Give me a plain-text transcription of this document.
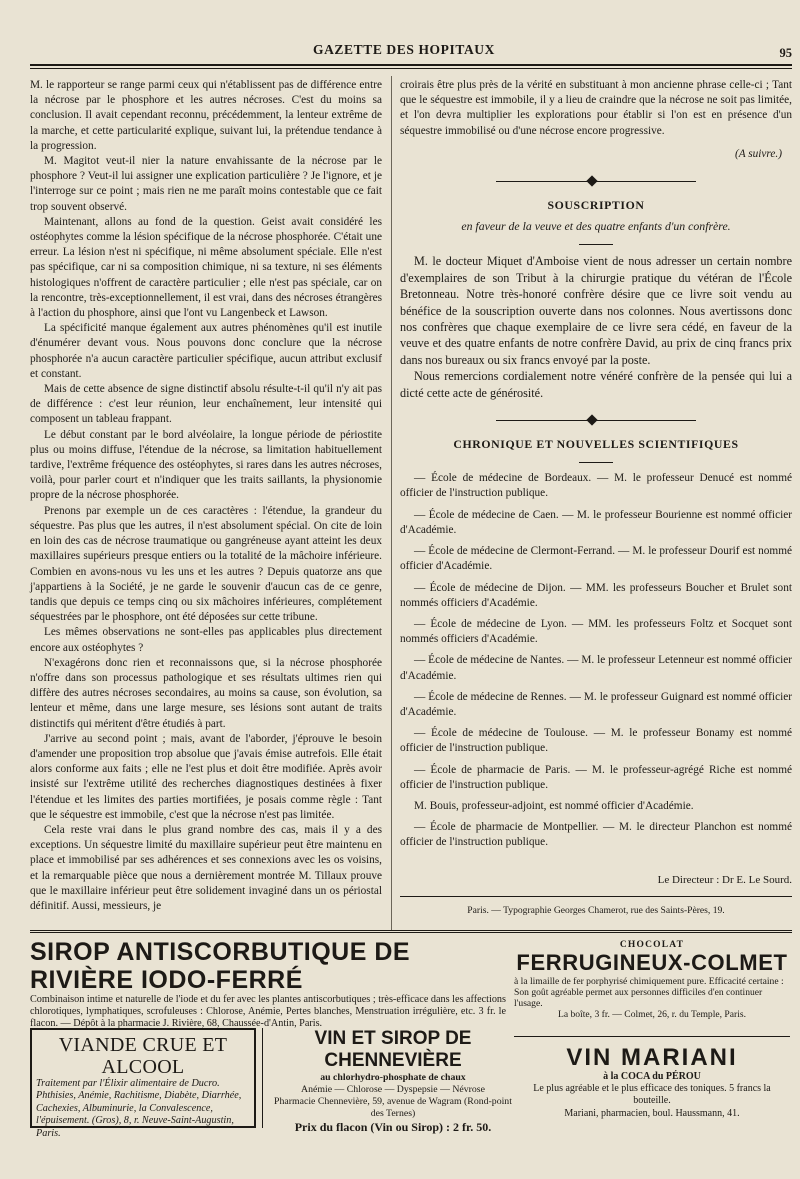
GAZETTE DES HOPITAUX	95

M. le rapporteur se range parmi ceux qui n'établissent pas de différence entre la nécrose par le phosphore et les autres nécroses. C'est du moins sa conclusion. Il avait cependant reconnu, précédemment, la lenteur extrême de la marche, et cette particularité explique, suivant lui, la prétendue tendance à la progression.

M. Magitot veut-il nier la nature envahissante de la nécrose par le phosphore ? Veut-il lui assigner une explication particulière ? Je l'ignore, et je l'interroge sur ce point ; mais rien ne me paraît moins contestable que ce fait trop souvent observé.

Maintenant, allons au fond de la question. Geist avait considéré les ostéophytes comme la lésion spécifique de la nécrose phosphorée. C'était une erreur. La lésion n'est ni spécifique, ni même absolument spéciale. Elle n'est pas spécifique, car ni sa composition chimique, ni sa texture, ni ses éléments histologiques n'offrent de caractère particulier ; elle n'est pas spéciale, car on la rencontre, très-exceptionnellement, il est vrai, dans des nécroses étrangères à l'action du phosphore, ainsi que l'ont vu Langenbeck et Lawson.

La spécificité manque également aux autres phénomènes qu'il est inutile d'énumérer devant vous. Nous pouvons donc conclure que la nécrose phosphorée n'a aucun caractère particulier spécifique, aucun attribut exclusif et constant.

Mais de cette absence de signe distinctif absolu résulte-t-il qu'il n'y ait pas de différence : c'est leur réunion, leur enchaînement, leur intensité qui composent un tableau frappant.

Le début constant par le bord alvéolaire, la longue période de périostite plus ou moins diffuse, l'étendue de la nécrose, sa limitation habituellement tardive, l'extrême fréquence des ostéophytes, si rares dans les autres nécroses, voilà, pour parler court et n'indiquer que les traits saillants, la physionomie propre de la nécrose phosphorée.

Prenons par exemple un de ces caractères : l'étendue, la grandeur du séquestre. Pas plus que les autres, il n'est absolument spécial. On cite de loin en loin des cas de nécrose traumatique ou gangréneuse ayant atteint les deux maxillaires supérieurs presque entiers ou la totalité de la mâchoire inférieure. Combien en avons-nous vu les uns et les autres ? Depuis quatorze ans que j'appartiens à la Société, je ne garde le souvenir d'aucun cas de ce genre, tandis que depuis ce temps cinq ou six mâchoires inférieures, complétement séquestrées par le phosphore, ont été déposées sur cette tribune.

Les mêmes observations ne sont-elles pas applicables plus directement encore aux ostéophytes ?

N'exagérons donc rien et reconnaissons que, si la nécrose phosphorée n'offre dans son processus pathologique et ses résultats ultimes rien qui diffère des autres nécroses secondaires, au moins sa cause, son évolution, sa lenteur et même, dans une large mesure, ses lésions sont autant de traits distinctifs qui méritent d'être étudiés à part.

J'arrive au second point ; mais, avant de l'aborder, j'éprouve le besoin d'amender une proposition trop absolue que j'avais émise autrefois. Elle était alors conforme aux faits ; elle ne l'est plus et doit être modifiée. Après avoir insisté sur l'extrême utilité des recherches diagnostiques destinées à fixer l'étendue et les limites des parties mortifiées, je posais comme règle : Tant que le séquestre est immobile, c'est que la nécrose n'est pas limitée.

Cela reste vrai dans le plus grand nombre des cas, mais il y a des exceptions. Un séquestre limité du maxillaire supérieur peut être maintenu en place et immobilisé par ses adhérences et ses connexions avec les os voisins, et la remarquable pièce que nous a dernièrement montrée M. Tillaux prouve que le maxillaire inférieur peut être solidement invaginé dans un os périostal définitif. Aussi, messieurs, je

croirais être plus près de la vérité en substituant à mon ancienne phrase celle-ci ; Tant que le séquestre est immobile, il y a lieu de craindre que la nécrose ne soit pas limitée, et l'on devra multiplier les explorations pour établir si l'on est en présence d'un séquestre immobilisé ou d'une nécrose encore progressive.

(A suivre.)
SOUSCRIPTION
en faveur de la veuve et des quatre enfants d'un confrère.

M. le docteur Miquet d'Amboise vient de nous adresser un certain nombre d'exemplaires de son Tribut à la chirurgie pratique du vétéran de l'École Bretonneau. Notre très-honoré confrère désire que ce livre soit vendu au bénéfice de la souscription ouverte dans nos colonnes. Nous avertissons donc nos confrères que chaque exemplaire de ce livre sera cédé, en faveur de la veuve et des quatre enfants de notre confrère David, au prix de cinq francs prix dans nos bureaux ou six francs envoyé par la poste.

Nous remercions cordialement notre vénéré confrère de la pensée qui lui a dicté cette acte de générosité.

CHRONIQUE ET NOUVELLES SCIENTIFIQUES

— École de médecine de Bordeaux. — M. le professeur Denucé est nommé officier de l'instruction publique.

— École de médecine de Caen. — M. le professeur Bourienne est nommé officier d'Académie.

— École de médecine de Clermont-Ferrand. — M. le professeur Dourif est nommé officier d'Académie.

— École de médecine de Dijon. — MM. les professeurs Boucher et Brulet sont nommés officiers d'Académie.

— École de médecine de Lyon. — MM. les professeurs Foltz et Socquet sont nommés officiers d'Académie.

— École de médecine de Nantes. — M. le professeur Letenneur est nommé officier d'Académie.

— École de médecine de Rennes. — M. le professeur Guignard est nommé officier d'Académie.

— École de médecine de Toulouse. — M. le professeur Bonamy est nommé officier de l'instruction publique.

— École de pharmacie de Paris. — M. le professeur-agrégé Riche est nommé officier de l'instruction publique.

M. Bouis, professeur-adjoint, est nommé officier d'Académie.

— École de pharmacie de Montpellier. — M. le directeur Planchon est nommé officier de l'instruction publique.

Le Directeur : Dr E. Le Sourd.
Paris. — Typographie Georges Chamerot, rue des Saints-Pères, 19.
SIROP ANTISCORBUTIQUE DE RIVIÈRE IODO-FERRÉ
Combinaison intime et naturelle de l'iode et du fer avec les plantes antiscorbutiques ; très-efficace dans les affections chlorotiques, lymphatiques, scrofuleuses : Chlorose, Anémie, Pertes blanches, Menstruation irrégulière, etc. 3 fr. le flacon. — Dépôt à la pharmacie J. Rivière, 68, Chaussée-d'Antin, Paris.
CHOCOLAT
FERRUGINEUX-COLMET
à la limaille de fer porphyrisé chimiquement pure. Efficacité certaine : Son goût agréable permet aux personnes difficiles d'en continuer l'usage.
La boîte, 3 fr. — Colmet, 26, r. du Temple, Paris.
VIANDE CRUE ET ALCOOL
Traitement par l'Élixir alimentaire de Ducro. Phthisies, Anémie, Rachitisme, Diabète, Diarrhée, Cachexies, Albuminurie, la Convalescence, l'épuisement. (Gros), 8, r. Neuve-Saint-Augustin, Paris.
VIN ET SIROP DE CHENNEVIÈRE
au chlorhydro-phosphate de chaux
Anémie — Chlorose — Dyspepsie — Névrose
Pharmacie Chennevière, 59, avenue de Wagram (Rond-point des Ternes)
Prix du flacon (Vin ou Sirop) : 2 fr. 50.
VIN MARIANI
à la COCA du PÉROU
Le plus agréable et le plus efficace des toniques. 5 francs la bouteille.
Mariani, pharmacien, boul. Haussmann, 41.
